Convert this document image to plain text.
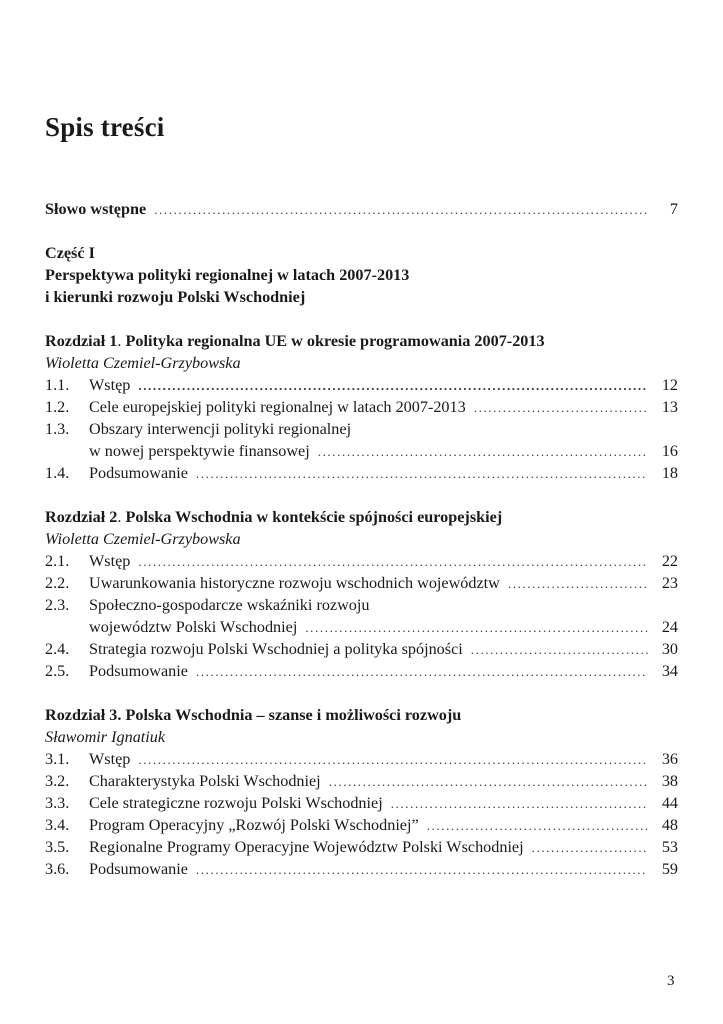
Spis treści
Słowo wstępne .....	7
Część I
Perspektywa polityki regionalnej w latach 2007-2013
i kierunki rozwoju Polski Wschodniej
Rozdział 1. Polityka regionalna UE w okresie programowania 2007-2013
Wioletta Czemiel-Grzybowska
1.1.	Wstęp .....	12
1.2.	Cele europejskiej polityki regionalnej w latach 2007-2013 .....	13
1.3.	Obszary interwencji polityki regionalnej
w nowej perspektywie finansowej .....	16
1.4.	Podsumowanie .....	18
Rozdział 2. Polska Wschodnia w kontekście spójności europejskiej
Wioletta Czemiel-Grzybowska
2.1.	Wstęp .....	22
2.2.	Uwarunkowania historyczne rozwoju wschodnich województw .....	23
2.3.	Społeczno-gospodarcze wskaźniki rozwoju
województw Polski Wschodniej .....	24
2.4.	Strategia rozwoju Polski Wschodniej a polityka spójności .....	30
2.5.	Podsumowanie .....	34
Rozdział 3. Polska Wschodnia – szanse i możliwości rozwoju
Sławomir Ignatiuk
3.1.	Wstęp .....	36
3.2.	Charakterystyka Polski Wschodniej .....	38
3.3.	Cele strategiczne rozwoju Polski Wschodniej .....	44
3.4.	Program Operacyjny „Rozwój Polski Wschodniej” .....	48
3.5.	Regionalne Programy Operacyjne Województw Polski Wschodniej .....	53
3.6.	Podsumowanie .....	59
3
